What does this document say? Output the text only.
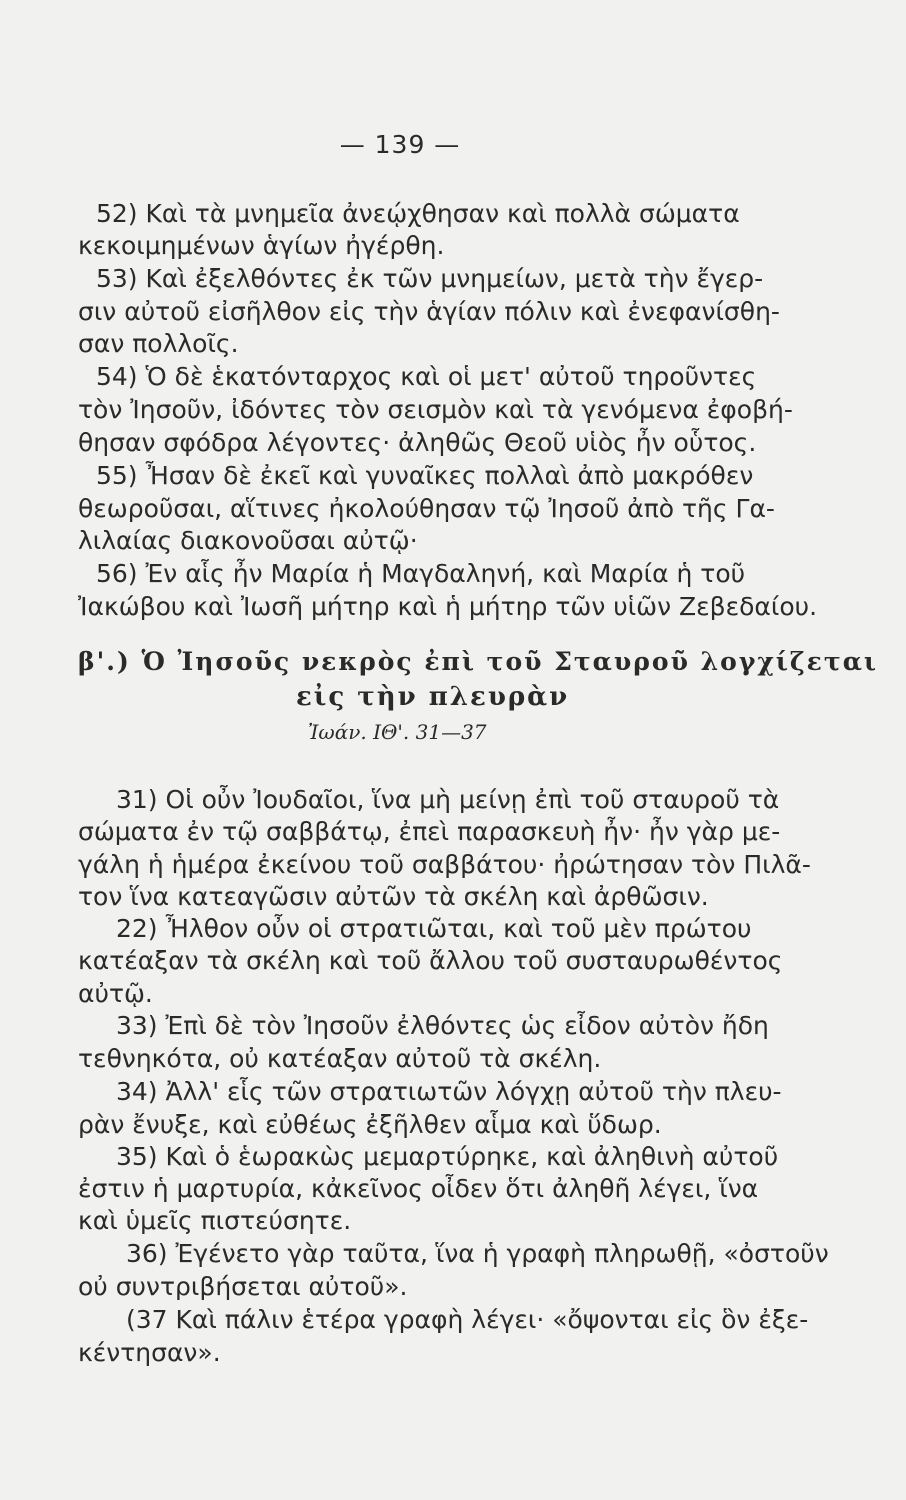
— 139 —
52) Καὶ τὰ μνημεῖα ἀνεῴχθησαν καὶ πολλὰ σώματα
κεκοιμημένων ἁγίων ἠγέρθη.
53) Καὶ ἐξελθόντες ἐκ τῶν μνημείων, μετὰ τὴν ἔγερ-
σιν αὐτοῦ εἰσῆλθον εἰς τὴν ἁγίαν πόλιν καὶ ἐνεφανίσθη-
σαν πολλοῖς.
54) Ὁ δὲ ἑκατόνταρχος καὶ οἱ μετ' αὐτοῦ τηροῦντες
τὸν Ἰησοῦν, ἰδόντες τὸν σεισμὸν καὶ τὰ γενόμενα ἐφοβή-
θησαν σφόδρα λέγοντες· ἀληθῶς Θεοῦ υἱὸς ἦν οὗτος.
55) Ἦσαν δὲ ἐκεῖ καὶ γυναῖκες πολλαὶ ἀπὸ μακρόθεν
θεωροῦσαι, αἵτινες ἠκολούθησαν τῷ Ἰησοῦ ἀπὸ τῆς Γα-
λιλαίας διακονοῦσαι αὐτῷ·
56) Ἐν αἷς ἦν Μαρία ἡ Μαγδαληνή, καὶ Μαρία ἡ τοῦ
Ἰακώβου καὶ Ἰωσῆ μήτηρ καὶ ἡ μήτηρ τῶν υἱῶν Ζεβεδαίου.
β'.) Ὁ Ἰησοῦς νεκρὸς ἐπὶ τοῦ Σταυροῦ λογχίζεται
εἰς τὴν πλευρὰν
Ἰωάν. ΙΘ'. 31—37
31) Οἱ οὖν Ἰουδαῖοι, ἵνα μὴ μείνῃ ἐπὶ τοῦ σταυροῦ τὰ
σώματα ἐν τῷ σαββάτῳ, ἐπεὶ παρασκευὴ ἦν· ἦν γὰρ με-
γάλη ἡ ἡμέρα ἐκείνου τοῦ σαββάτου· ἠρώτησαν τὸν Πιλᾶ-
τον ἵνα κατεαγῶσιν αὐτῶν τὰ σκέλη καὶ ἀρθῶσιν.
22) Ἦλθον οὖν οἱ στρατιῶται, καὶ τοῦ μὲν πρώτου
κατέαξαν τὰ σκέλη καὶ τοῦ ἄλλου τοῦ συσταυρωθέντος
αὐτῷ.
33) Ἐπὶ δὲ τὸν Ἰησοῦν ἐλθόντες ὡς εἶδον αὐτὸν ἤδη
τεθνηκότα, οὐ κατέαξαν αὐτοῦ τὰ σκέλη.
34) Ἀλλ' εἷς τῶν στρατιωτῶν λόγχῃ αὐτοῦ τὴν πλευ-
ρὰν ἔνυξε, καὶ εὐθέως ἐξῆλθεν αἷμα καὶ ὕδωρ.
35) Καὶ ὁ ἑωρακὼς μεμαρτύρηκε, καὶ ἀληθινὴ αὐτοῦ
ἐστιν ἡ μαρτυρία, κἀκεῖνος οἶδεν ὅτι ἀληθῆ λέγει, ἵνα
καὶ ὑμεῖς πιστεύσητε.
36) Ἐγένετο γὰρ ταῦτα, ἵνα ἡ γραφὴ πληρωθῇ, «ὀστοῦν
οὐ συντριβήσεται αὐτοῦ».
(37 Καὶ πάλιν ἑτέρα γραφὴ λέγει· «ὄψονται εἰς ὃν ἐξε-
κέντησαν».
